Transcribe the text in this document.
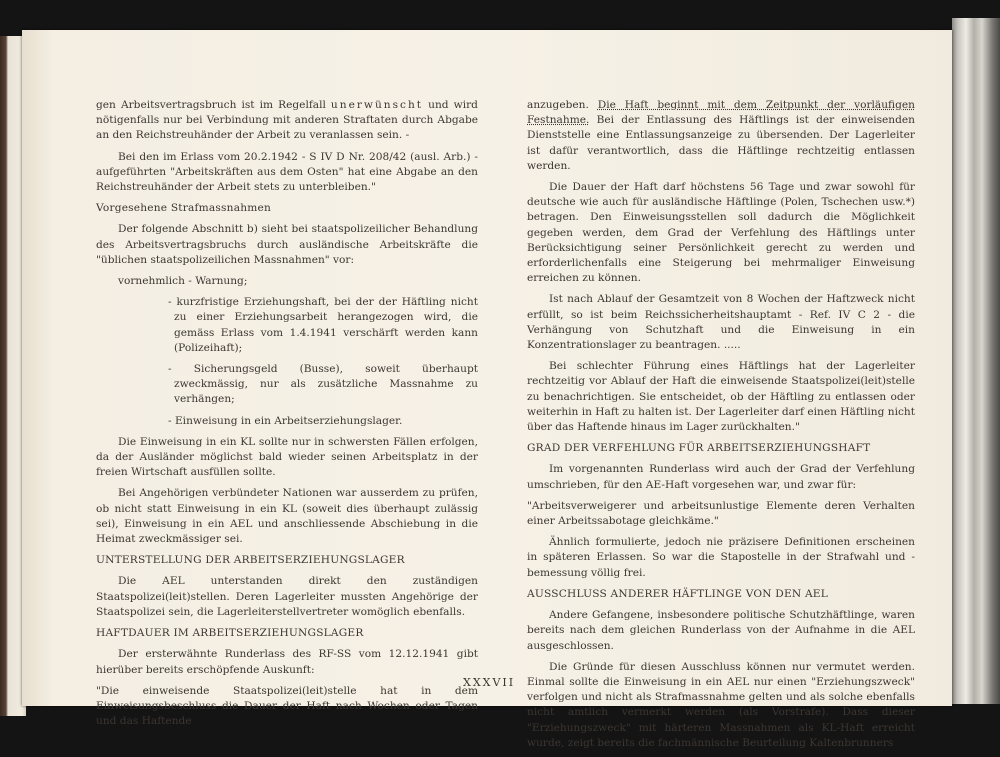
gen Arbeitsvertragsbruch ist im Regelfall unerwünscht und wird nötigenfalls nur bei Verbindung mit anderen Straftaten durch Abgabe an den Reichstreuhänder der Arbeit zu veranlassen sein. -

Bei den im Erlass vom 20.2.1942 - S IV D Nr. 208/42 (ausl. Arb.) - aufgeführten "Arbeitskräften aus dem Osten" hat eine Abgabe an den Reichstreuhänder der Arbeit stets zu unterbleiben."

Vorgesehene Strafmassnahmen

Der folgende Abschnitt b) sieht bei staatspolizeilicher Behandlung des Arbeitsvertragsbruchs durch ausländische Arbeitskräfte die "üblichen staatspolizeilichen Massnahmen" vor:

vornehmlich - Warnung;

- kurzfristige Erziehungshaft, bei der der Häftling nicht zu einer Erziehungsarbeit herangezogen wird, die gemäss Erlass vom 1.4.1941 verschärft werden kann (Polizeihaft);

- Sicherungsgeld (Busse), soweit überhaupt zweckmässig, nur als zusätzliche Massnahme zu verhängen;

- Einweisung in ein Arbeitserziehungslager.

Die Einweisung in ein KL sollte nur in schwersten Fällen erfolgen, da der Ausländer möglichst bald wieder seinen Arbeitsplatz in der freien Wirtschaft ausfüllen sollte.

Bei Angehörigen verbündeter Nationen war ausserdem zu prüfen, ob nicht statt Einweisung in ein KL (soweit dies überhaupt zulässig sei), Einweisung in ein AEL und anschliessende Abschiebung in die Heimat zweckmässiger sei.

UNTERSTELLUNG DER ARBEITSERZIEHUNGSLAGER

Die AEL unterstanden direkt den zuständigen Staatspolizei(leit)stellen. Deren Lagerleiter mussten Angehörige der Staatspolizei sein, die Lagerleiterstellvertreter womöglich ebenfalls.

HAFTDAUER IM ARBEITSERZIEHUNGSLAGER

Der ersterwähnte Runderlass des RF-SS vom 12.12.1941 gibt hierüber bereits erschöpfende Auskunft:

"Die einweisende Staatspolizei(leit)stelle hat in dem Einweisungsbeschluss die Dauer der Haft nach Wochen oder Tagen und das Haftende

anzugeben. Die Haft beginnt mit dem Zeitpunkt der vorläufigen Festnahme. Bei der Entlassung des Häftlings ist der einweisenden Dienststelle eine Entlassungsanzeige zu übersenden. Der Lagerleiter ist dafür verantwortlich, dass die Häftlinge rechtzeitig entlassen werden.

Die Dauer der Haft darf höchstens 56 Tage und zwar sowohl für deutsche wie auch für ausländische Häftlinge (Polen, Tschechen usw.*) betragen. Den Einweisungsstellen soll dadurch die Möglichkeit gegeben werden, dem Grad der Verfehlung des Häftlings unter Berücksichtigung seiner Persönlichkeit gerecht zu werden und erforderlichenfalls eine Steigerung bei mehrmaliger Einweisung erreichen zu können.

Ist nach Ablauf der Gesamtzeit von 8 Wochen der Haftzweck nicht erfüllt, so ist beim Reichssicherheitshauptamt - Ref. IV C 2 - die Verhängung von Schutzhaft und die Einweisung in ein Konzentrationslager zu beantragen. .....

Bei schlechter Führung eines Häftlings hat der Lagerleiter rechtzeitig vor Ablauf der Haft die einweisende Staatspolizei(leit)stelle zu benachrichtigen. Sie entscheidet, ob der Häftling zu entlassen oder weiterhin in Haft zu halten ist. Der Lagerleiter darf einen Häftling nicht über das Haftende hinaus im Lager zurückhalten."

GRAD DER VERFEHLUNG FÜR ARBEITSERZIEHUNGSHAFT

Im vorgenannten Runderlass wird auch der Grad der Verfehlung umschrieben, für den AE-Haft vorgesehen war, und zwar für:

"Arbeitsverweigerer und arbeitsunlustige Elemente deren Verhalten einer Arbeitssabotage gleichkäme."

Ähnlich formulierte, jedoch nie präzisere Definitionen erscheinen in späteren Erlassen. So war die Stapostelle in der Strafwahl und -bemessung völlig frei.

AUSSCHLUSS ANDERER HÄFTLINGE VON DEN AEL

Andere Gefangene, insbesondere politische Schutzhäftlinge, waren bereits nach dem gleichen Runderlass von der Aufnahme in die AEL ausgeschlossen.

Die Gründe für diesen Ausschluss können nur vermutet werden. Einmal sollte die Einweisung in ein AEL nur einen "Erziehungszweck" verfolgen und nicht als Strafmassnahme gelten und als solche ebenfalls nicht amtlich vermerkt werden (als Vorstrafe). Dass dieser "Erziehungszweck" mit härteren Massnahmen als KL-Haft erreicht wurde, zeigt bereits die fachmännische Beurteilung Kaltenbrunners

XXXVII
